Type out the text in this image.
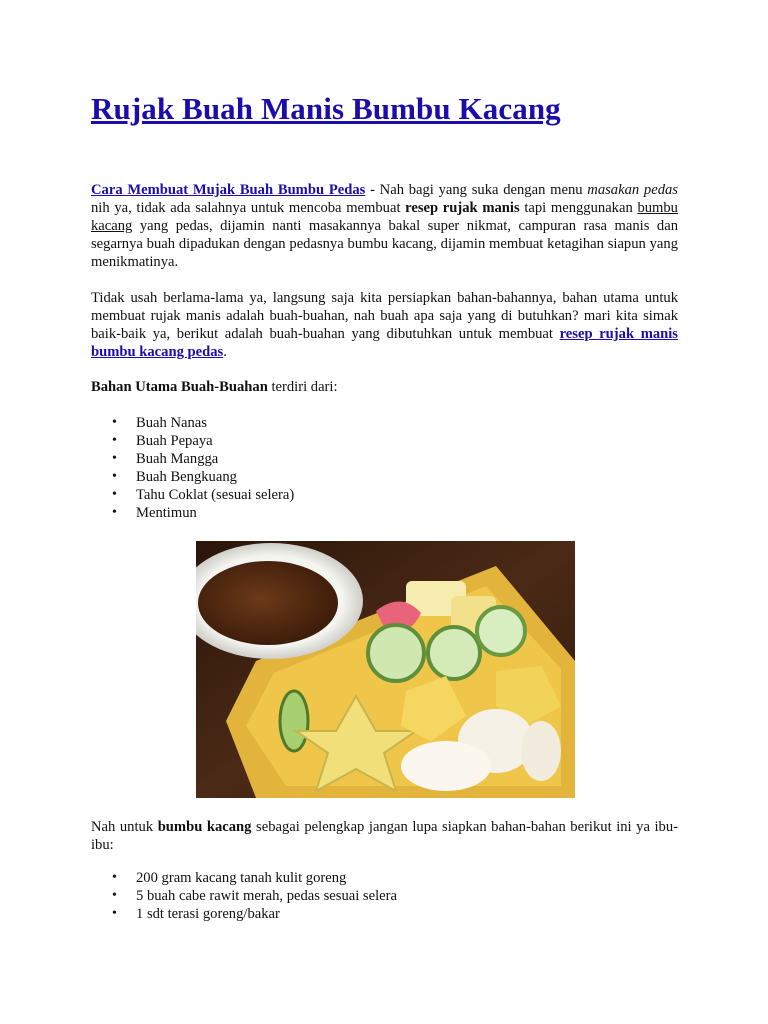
Rujak Buah Manis Bumbu Kacang

Cara Membuat Mujak Buah Bumbu Pedas - Nah bagi yang suka dengan menu masakan pedas nih ya, tidak ada salahnya untuk mencoba membuat resep rujak manis tapi menggunakan bumbu kacang yang pedas, dijamin nanti masakannya bakal super nikmat, campuran rasa manis dan segarnya buah dipadukan dengan pedasnya bumbu kacang, dijamin membuat ketagihan siapun yang menikmatinya.

Tidak usah berlama-lama ya, langsung saja kita persiapkan bahan-bahannya, bahan utama untuk membuat rujak manis adalah buah-buahan, nah buah apa saja yang di butuhkan? mari kita simak baik-baik ya, berikut adalah buah-buahan yang dibutuhkan untuk membuat resep rujak manis bumbu kacang pedas.

Bahan Utama Buah-Buahan terdiri dari:

• Buah Nanas
• Buah Pepaya
• Buah Mangga
• Buah Bengkuang
• Tahu Coklat (sesuai selera)
• Mentimun

Nah untuk bumbu kacang sebagai pelengkap jangan lupa siapkan bahan-bahan berikut ini ya ibu-ibu:

• 200 gram kacang tanah kulit goreng
• 5 buah cabe rawit merah, pedas sesuai selera
• 1 sdt terasi goreng/bakar
